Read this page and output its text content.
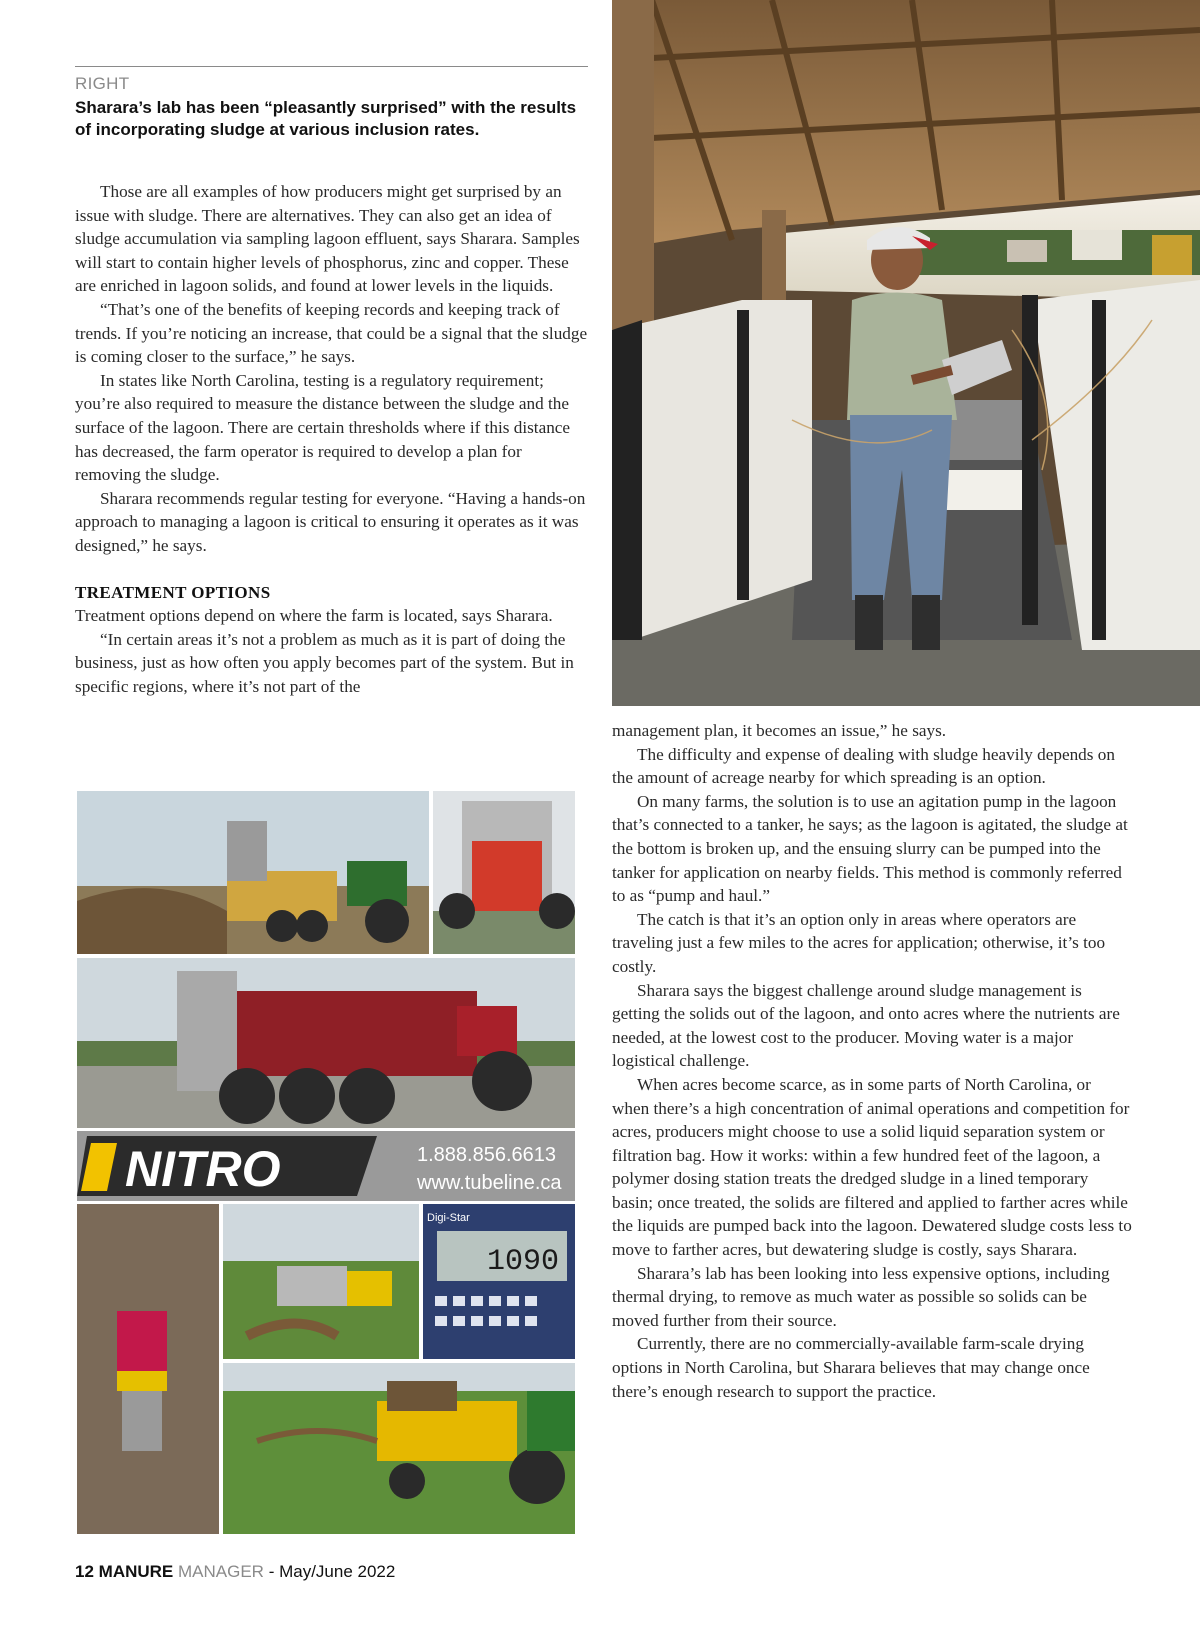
RIGHT
Sharara’s lab has been “pleasantly surprised” with the results of incorporating sludge at various inclusion rates.

Those are all examples of how producers might get surprised by an issue with sludge. There are alternatives. They can also get an idea of sludge accumulation via sampling lagoon effluent, says Sharara. Samples will start to contain higher levels of phosphorus, zinc and copper. These are enriched in lagoon solids, and found at lower levels in the liquids.

“That’s one of the benefits of keeping records and keeping track of trends. If you’re noticing an increase, that could be a signal that the sludge is coming closer to the surface,” he says.

In states like North Carolina, testing is a regulatory requirement; you’re also required to measure the distance between the sludge and the surface of the lagoon. There are certain thresholds where if this distance has decreased, the farm operator is required to develop a plan for removing the sludge.

Sharara recommends regular testing for everyone. “Having a hands-on approach to managing a lagoon is critical to ensuring it operates as it was designed,” he says.

TREATMENT OPTIONS

Treatment options depend on where the farm is located, says Sharara.

“In certain areas it’s not a problem as much as it is part of doing the business, just as how often you apply becomes part of the system. But in specific regions, where it’s not part of the

NITRO	1.888.856.6613
www.tubeline.ca
Digi-Star
1090

management plan, it becomes an issue,” he says.

The difficulty and expense of dealing with sludge heavily depends on the amount of acreage nearby for which spreading is an option.

On many farms, the solution is to use an agitation pump in the lagoon that’s connected to a tanker, he says; as the lagoon is agitated, the sludge at the bottom is broken up, and the ensuing slurry can be pumped into the tanker for application on nearby fields. This method is commonly referred to as “pump and haul.”

The catch is that it’s an option only in areas where operators are traveling just a few miles to the acres for application; otherwise, it’s too costly.

Sharara says the biggest challenge around sludge management is getting the solids out of the lagoon, and onto acres where the nutrients are needed, at the lowest cost to the producer. Moving water is a major logistical challenge.

When acres become scarce, as in some parts of North Carolina, or when there’s a high concentration of animal operations and competition for acres, producers might choose to use a solid liquid separation system or filtration bag. How it works: within a few hundred feet of the lagoon, a polymer dosing station treats the dredged sludge in a lined temporary basin; once treated, the solids are filtered and applied to farther acres while the liquids are pumped back into the lagoon. Dewatered sludge costs less to move to farther acres, but dewatering sludge is costly, says Sharara.

Sharara’s lab has been looking into less expensive options, including thermal drying, to remove as much water as possible so solids can be moved further from their source.

Currently, there are no commercially-available farm-scale drying options in North Carolina, but Sharara believes that may change once there’s enough research to support the practice.

12 MANURE MANAGER - May/June 2022
